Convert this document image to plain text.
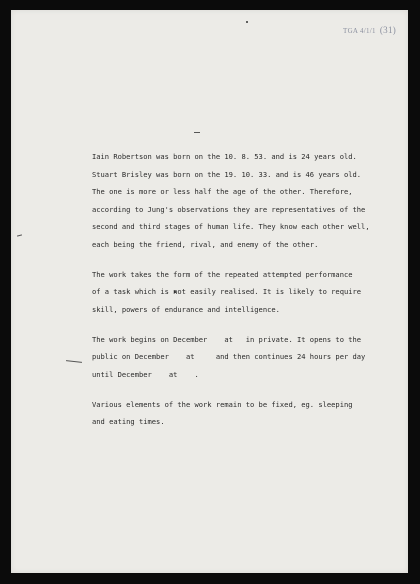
TGA 4/1/1 (31)

Iain Robertson was born on the 10. 8. 53. and is 24 years old.
Stuart Brisley was born on the 19. 10. 33. and is 46 years old.
The one is more or less half the age of the other. Therefore,
according to Jung's observations they are representatives of the
second and third stages of human life. They know each other well,
each being the friend, rival, and enemy of the other.

The work takes the form of the repeated attempted performance
of a task which is not easily realised. It is likely to require
skill, powers of endurance and intelligence.

The work begins on December    at   in private. It opens to the
public on December    at     and then continues 24 hours per day
until December    at    .

Various elements of the work remain to be fixed, eg. sleeping
and eating times.
